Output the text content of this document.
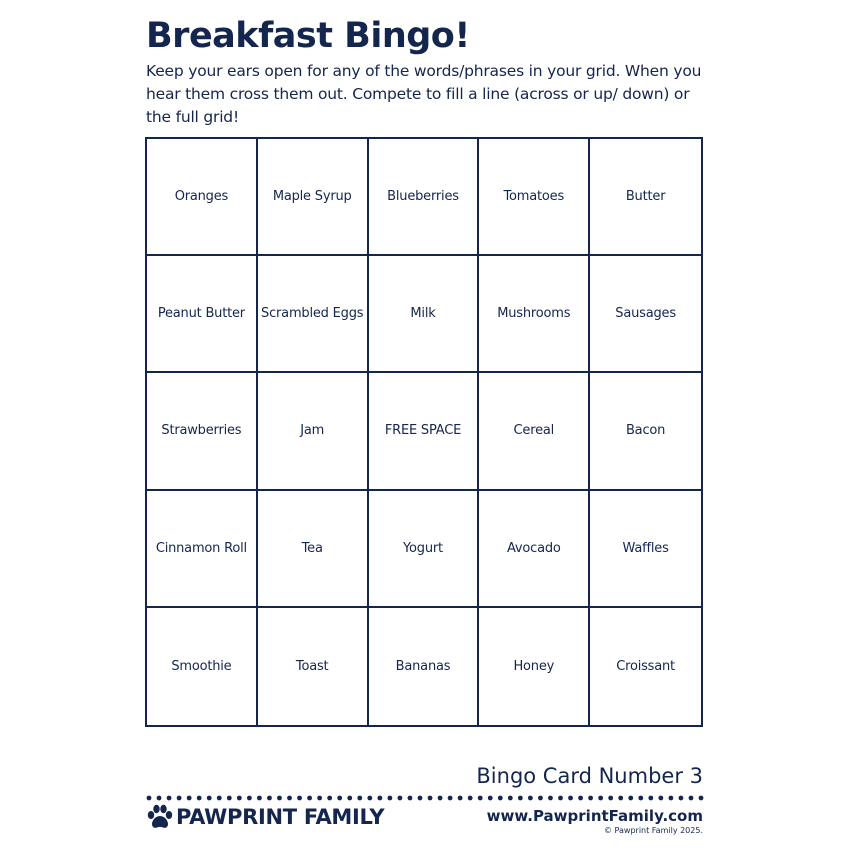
Breakfast Bingo!

Keep your ears open for any of the words/phrases in your grid. When you hear them cross them out. Compete to fill a line (across or up/ down) or the full grid!

Oranges	Maple Syrup	Blueberries	Tomatoes	Butter
Peanut Butter	Scrambled Eggs	Milk	Mushrooms	Sausages
Strawberries	Jam	FREE SPACE	Cereal	Bacon
Cinnamon Roll	Tea	Yogurt	Avocado	Waffles
Smoothie	Toast	Bananas	Honey	Croissant
Bingo Card Number 3
PAWPRINT FAMILY	www.PawprintFamily.com
© Pawprint Family 2025.
